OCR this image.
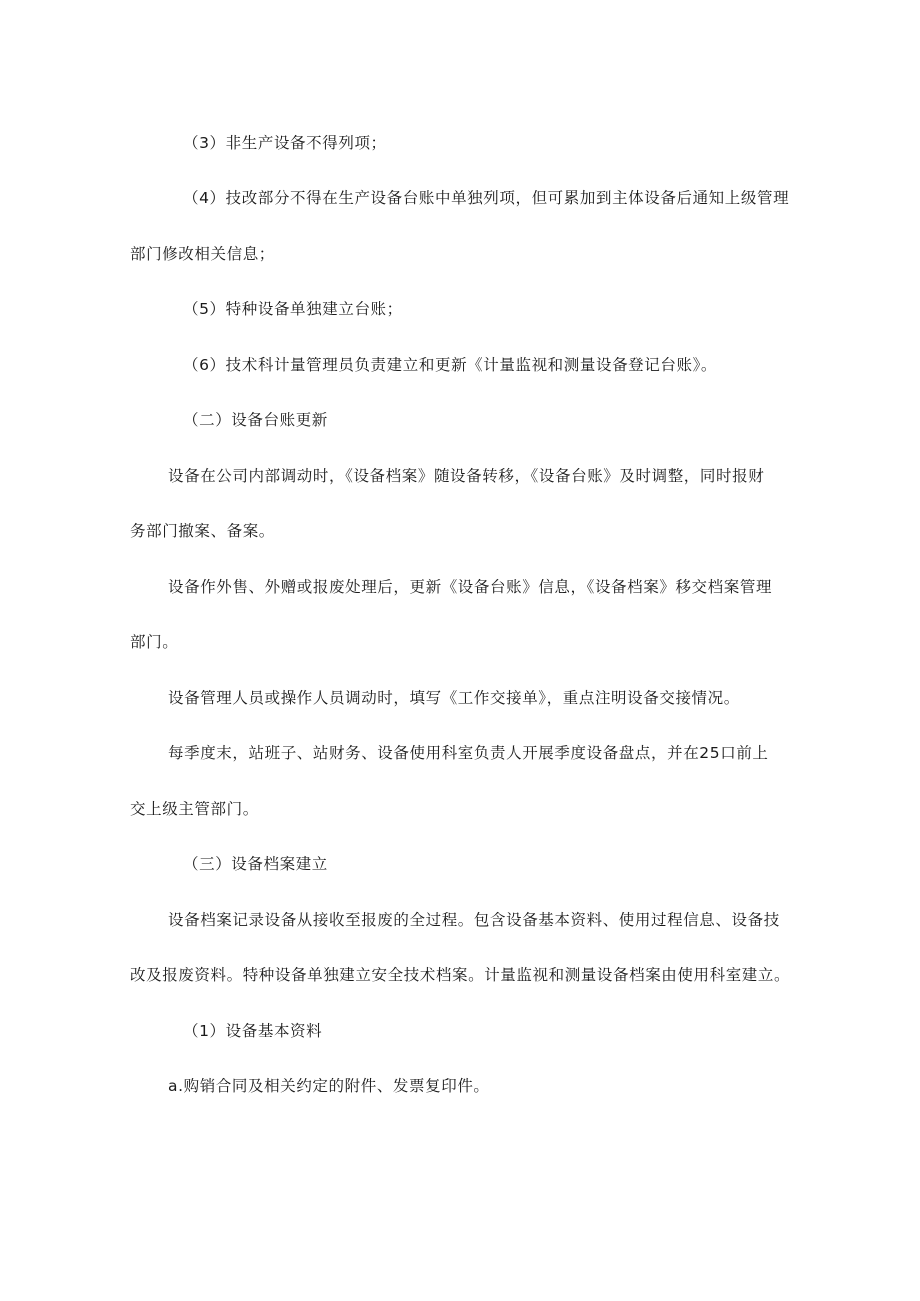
（3）非生产设备不得列项；

（4）技改部分不得在生产设备台账中单独列项，但可累加到主体设备后通知上级管理

部门修改相关信息；

（5）特种设备单独建立台账；

（6）技术科计量管理员负责建立和更新《计量监视和测量设备登记台账》。

（二）设备台账更新

设备在公司内部调动时，《设备档案》随设备转移，《设备台账》及时调整，同时报财

务部门撤案、备案。

设备作外售、外赠或报废处理后，更新《设备台账》信息，《设备档案》移交档案管理

部门。

设备管理人员或操作人员调动时，填写《工作交接单》，重点注明设备交接情况。

每季度末，站班子、站财务、设备使用科室负责人开展季度设备盘点，并在25口前上

交上级主管部门。

（三）设备档案建立

设备档案记录设备从接收至报废的全过程。包含设备基本资料、使用过程信息、设备技

改及报废资料。特种设备单独建立安全技术档案。计量监视和测量设备档案由使用科室建立。

（1）设备基本资料

a.购销合同及相关约定的附件、发票复印件。
